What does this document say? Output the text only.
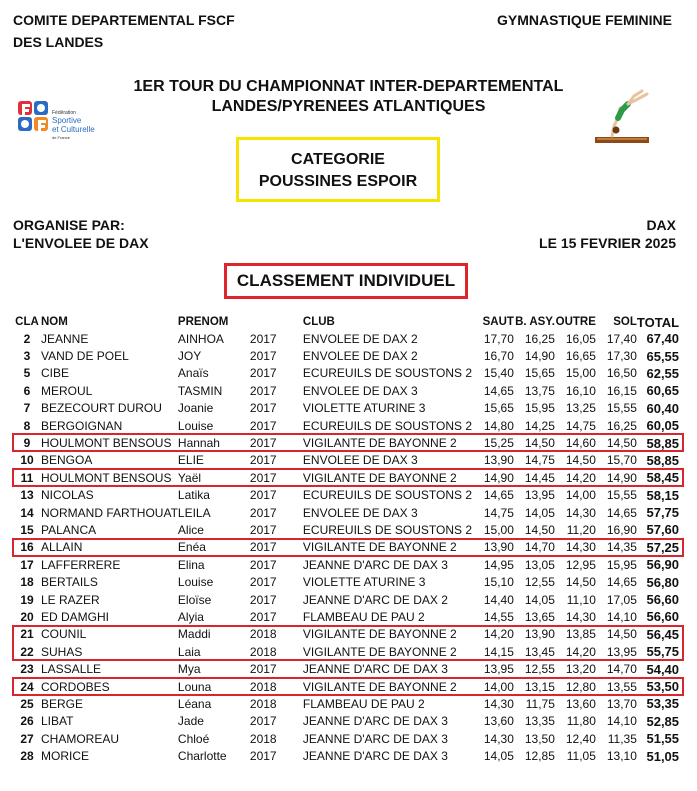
COMITE DEPARTEMENTAL FSCF
DES LANDES
GYMNASTIQUE FEMININE
1ER TOUR DU CHAMPIONNAT INTER-DEPARTEMENTAL
LANDES/PYRENEES ATLANTIQUES
Fédération
Sportive
et Culturelle
de France
CATEGORIE
POUSSINES ESPOIR
ORGANISE PAR:
L'ENVOLEE DE DAX
DAX
LE 15 FEVRIER 2025
CLASSEMENT INDIVIDUEL
CLA	NOM	PRENOM		CLUB	SAUT	B. ASY.	OUTRE	SOL	TOTAL
2	JEANNE	AINHOA	2017	ENVOLEE DE DAX 2	17,70	16,25	16,05	17,40	67,40
3	VAND DE POEL	JOY	2017	ENVOLEE DE DAX 2	16,70	14,90	16,65	17,30	65,55
5	CIBE	Anaïs	2017	ECUREUILS DE SOUSTONS 2	15,40	15,65	15,00	16,50	62,55
6	MEROUL	TASMIN	2017	ENVOLEE DE DAX 3	14,65	13,75	16,10	16,15	60,65
7	BEZECOURT DUROU	Joanie	2017	VIOLETTE ATURINE 3	15,65	15,95	13,25	15,55	60,40
8	BERGOIGNAN	Louise	2017	ECUREUILS DE SOUSTONS 2	14,80	14,25	14,75	16,25	60,05
9	HOULMONT BENSOUS	Hannah	2017	VIGILANTE DE BAYONNE 2	15,25	14,50	14,60	14,50	58,85
10	BENGOA	ELIE	2017	ENVOLEE DE DAX 3	13,90	14,75	14,50	15,70	58,85
11	HOULMONT BENSOUS	Yaël	2017	VIGILANTE DE BAYONNE 2	14,90	14,45	14,20	14,90	58,45
13	NICOLAS	Latika	2017	ECUREUILS DE SOUSTONS 2	14,65	13,95	14,00	15,55	58,15
14	NORMAND FARTHOUAT	LEILA	2017	ENVOLEE DE DAX 3	14,75	14,05	14,30	14,65	57,75
15	PALANCA	Alice	2017	ECUREUILS DE SOUSTONS 2	15,00	14,50	11,20	16,90	57,60
16	ALLAIN	Enéa	2017	VIGILANTE DE BAYONNE 2	13,90	14,70	14,30	14,35	57,25
17	LAFFERRERE	Elina	2017	JEANNE D'ARC DE DAX 3	14,95	13,05	12,95	15,95	56,90
18	BERTAILS	Louise	2017	VIOLETTE ATURINE 3	15,10	12,55	14,50	14,65	56,80
19	LE RAZER	Eloïse	2017	JEANNE D'ARC DE DAX 2	14,40	14,05	11,10	17,05	56,60
20	ED DAMGHI	Alyia	2017	FLAMBEAU DE PAU 2	14,55	13,65	14,30	14,10	56,60
21	COUNIL	Maddi	2018	VIGILANTE DE BAYONNE 2	14,20	13,90	13,85	14,50	56,45
22	SUHAS	Laia	2018	VIGILANTE DE BAYONNE 2	14,15	13,45	14,20	13,95	55,75
23	LASSALLE	Mya	2017	JEANNE D'ARC DE DAX 3	13,95	12,55	13,20	14,70	54,40
24	CORDOBES	Louna	2018	VIGILANTE DE BAYONNE 2	14,00	13,15	12,80	13,55	53,50
25	BERGE	Léana	2018	FLAMBEAU DE PAU 2	14,30	11,75	13,60	13,70	53,35
26	LIBAT	Jade	2017	JEANNE D'ARC DE DAX 3	13,60	13,35	11,80	14,10	52,85
27	CHAMOREAU	Chloé	2018	JEANNE D'ARC DE DAX 3	14,30	13,50	12,40	11,35	51,55
28	MORICE	Charlotte	2017	JEANNE D'ARC DE DAX 3	14,05	12,85	11,05	13,10	51,05
